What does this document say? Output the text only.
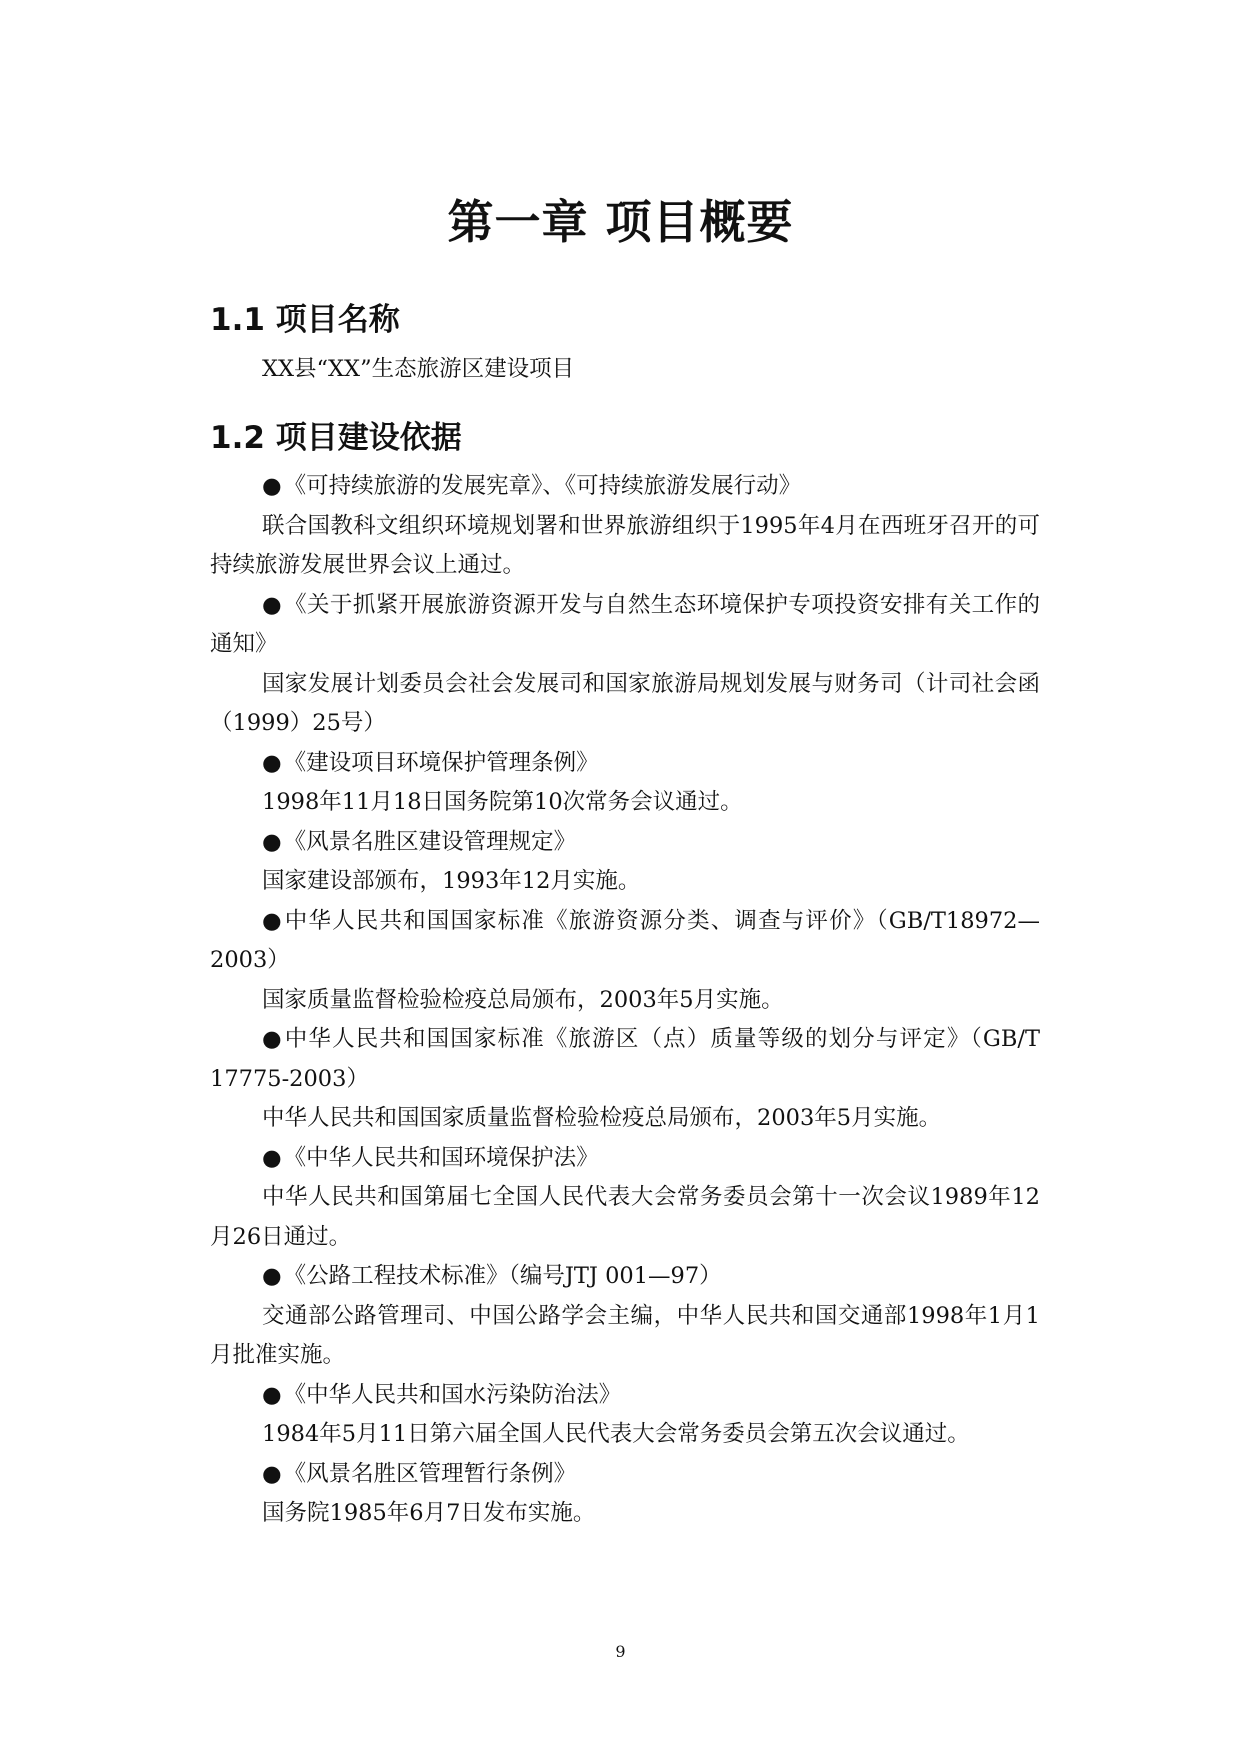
第一章 项目概要
1.1 项目名称

XX县“XX”生态旅游区建设项目

1.2 项目建设依据

●《可持续旅游的发展宪章》、《可持续旅游发展行动》

联合国教科文组织环境规划署和世界旅游组织于1995年4月在西班牙召开的可持续旅游发展世界会议上通过。

●《关于抓紧开展旅游资源开发与自然生态环境保护专项投资安排有关工作的通知》

国家发展计划委员会社会发展司和国家旅游局规划发展与财务司（计司社会函（1999）25号）

●《建设项目环境保护管理条例》

1998年11月18日国务院第10次常务会议通过。

●《风景名胜区建设管理规定》

国家建设部颁布，1993年12月实施。

●中华人民共和国国家标准《旅游资源分类、调查与评价》（GB/T18972—2003）

国家质量监督检验检疫总局颁布，2003年5月实施。

●中华人民共和国国家标准《旅游区（点）质量等级的划分与评定》（GB/T 17775-2003）

中华人民共和国国家质量监督检验检疫总局颁布，2003年5月实施。

●《中华人民共和国环境保护法》

中华人民共和国第届七全国人民代表大会常务委员会第十一次会议1989年12月26日通过。

●《公路工程技术标准》（编号JTJ 001—97）

交通部公路管理司、中国公路学会主编，中华人民共和国交通部1998年1月1月批准实施。

●《中华人民共和国水污染防治法》

1984年5月11日第六届全国人民代表大会常务委员会第五次会议通过。

●《风景名胜区管理暂行条例》

国务院1985年6月7日发布实施。

9
